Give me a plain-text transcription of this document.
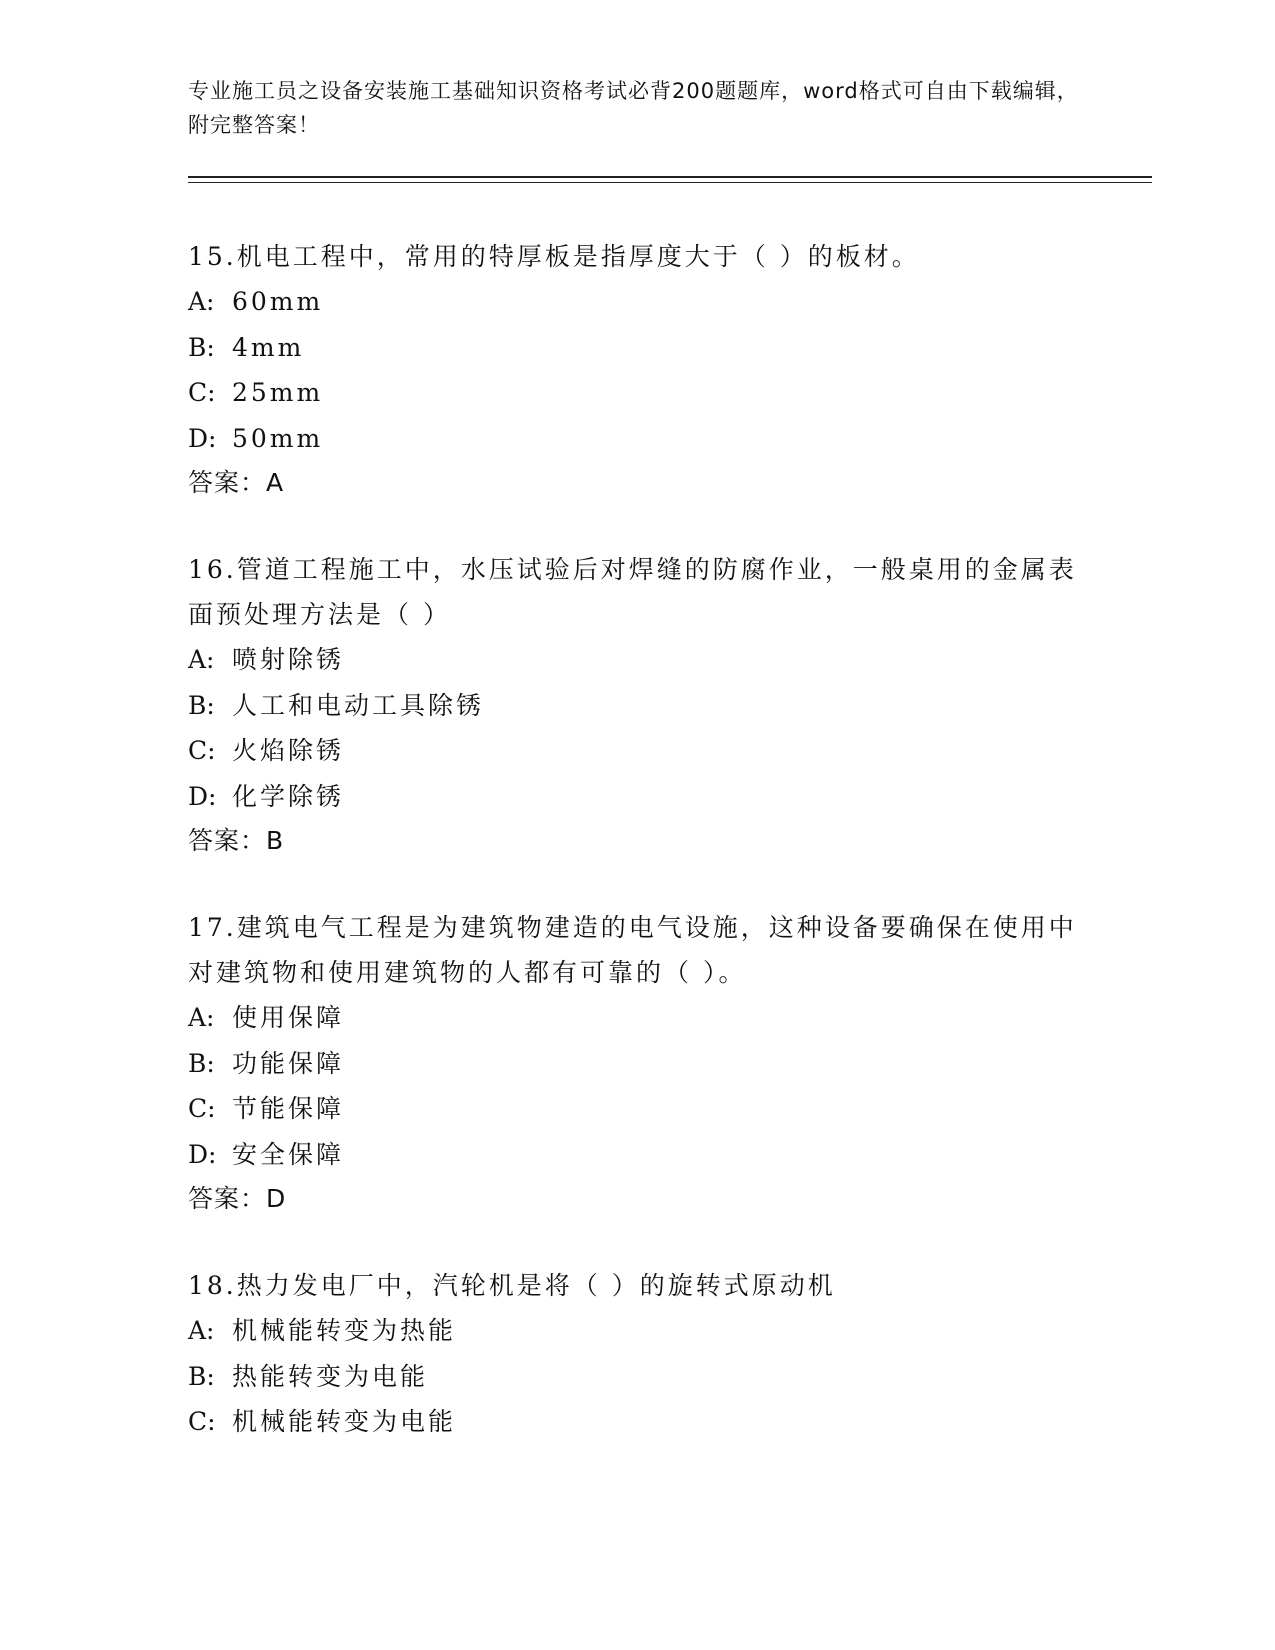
专业施工员之设备安装施工基础知识资格考试必背200题题库，word格式可自由下载编辑，附完整答案！
15.机电工程中，常用的特厚板是指厚度大于（ ）的板材。
A: 60mm
B: 4mm
C: 25mm
D: 50mm
答案：A
16.管道工程施工中，水压试验后对焊缝的防腐作业，一般桌用的金属表面预处理方法是（ ）
A: 喷射除锈
B: 人工和电动工具除锈
C: 火焰除锈
D: 化学除锈
答案：B
17.建筑电气工程是为建筑物建造的电气设施，这种设备要确保在使用中对建筑物和使用建筑物的人都有可靠的（ ）。
A: 使用保障
B: 功能保障
C: 节能保障
D: 安全保障
答案：D
18.热力发电厂中，汽轮机是将（ ）的旋转式原动机
A: 机械能转变为热能
B: 热能转变为电能
C: 机械能转变为电能
